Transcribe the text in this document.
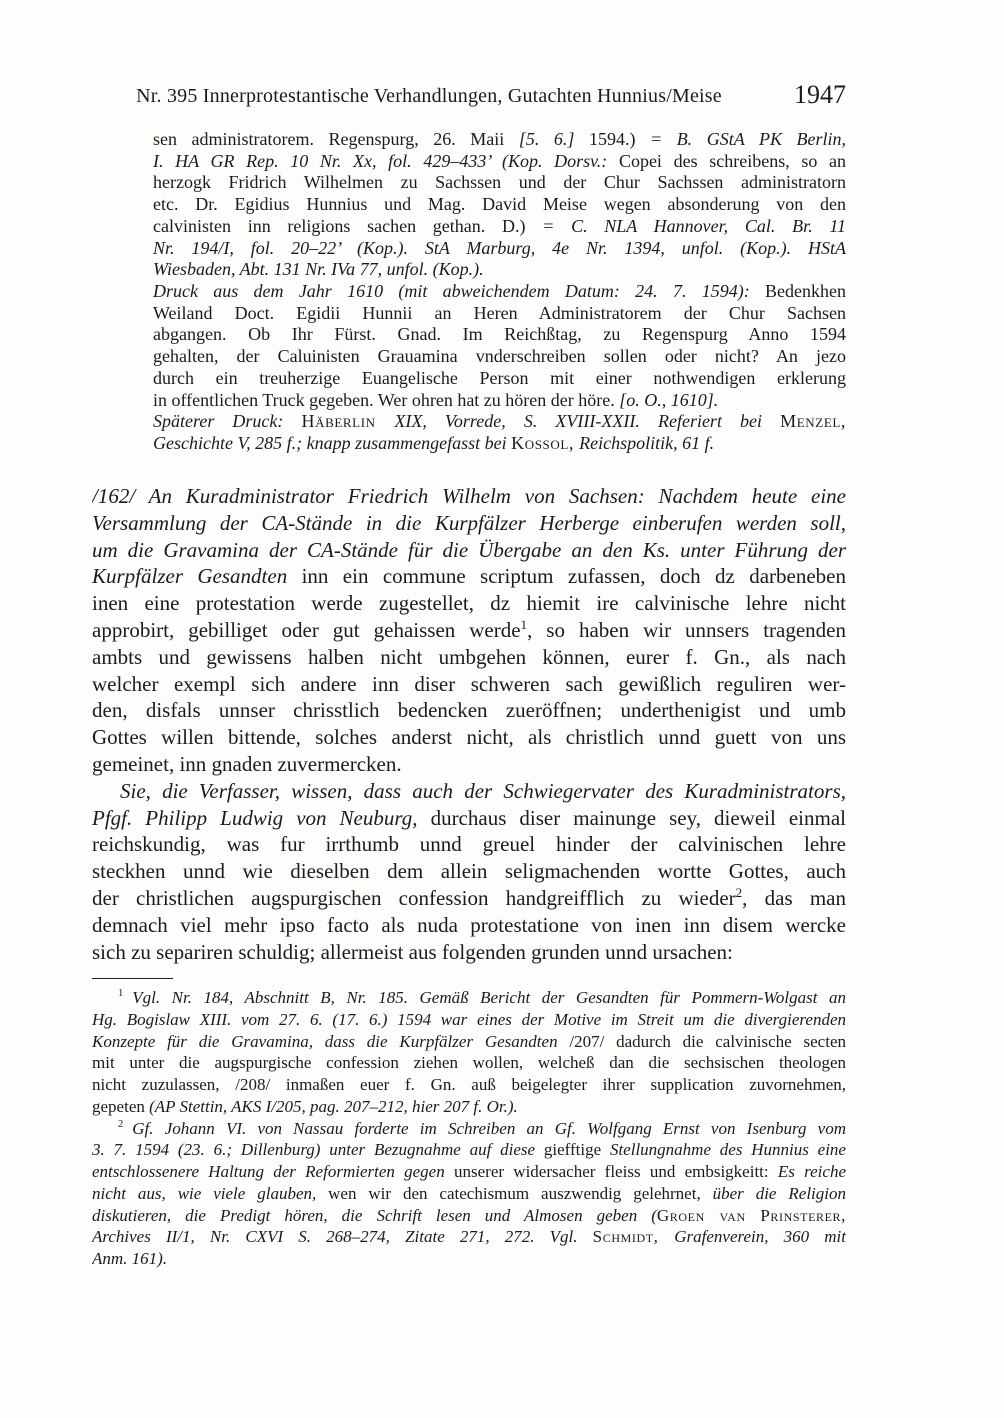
Nr. 395 Innerprotestantische Verhandlungen, Gutachten Hunnius/Meise	1947
sen administratorem. Regenspurg, 26. Maii [5. 6.] 1594.) = B. GStA PK Berlin,
I. HA GR Rep. 10 Nr. Xx, fol. 429–433’ (Kop. Dorsv.: Copei des schreibens, so an
herzogk Fridrich Wilhelmen zu Sachssen und der Chur Sachssen administratorn
etc. Dr. Egidius Hunnius und Mag. David Meise wegen absonderung von den
calvinisten inn religions sachen gethan. D.) = C. NLA Hannover, Cal. Br. 11
Nr. 194/I, fol. 20–22’ (Kop.). StA Marburg, 4e Nr. 1394, unfol. (Kop.). HStA
Wiesbaden, Abt. 131 Nr. IVa 77, unfol. (Kop.).
Druck aus dem Jahr 1610 (mit abweichendem Datum: 24. 7. 1594): Bedenkhen
Weiland Doct. Egidii Hunnii an Heren Administratorem der Chur Sachsen
abgangen. Ob Ihr Fürst. Gnad. Im Reichßtag, zu Regenspurg Anno 1594
gehalten, der Caluinisten Grauamina vnderschreiben sollen oder nicht? An jezo
durch ein treuherzige Euangelische Person mit einer nothwendigen erklerung
in offentlichen Truck gegeben. Wer ohren hat zu hören der höre. [o. O., 1610].
Späterer Druck: Häberlin XIX, Vorrede, S. XVIII-XXII. Referiert bei Menzel,
Geschichte V, 285 f.; knapp zusammengefasst bei Kossol, Reichspolitik, 61 f.
/162/ An Kuradministrator Friedrich Wilhelm von Sachsen: Nachdem heute eine
Versammlung der CA-Stände in die Kurpfälzer Herberge einberufen werden soll,
um die Gravamina der CA-Stände für die Übergabe an den Ks. unter Führung der
Kurpfälzer Gesandten inn ein commune scriptum zufassen, doch dz darbeneben
inen eine protestation werde zugestellet, dz hiemit ire calvinische lehre nicht
approbirt, gebilliget oder gut gehaissen werde$^1$, so haben wir unnsers tragenden
ambts und gewissens halben nicht umbgehen können, eurer f. Gn., als nach
welcher exempl sich andere inn diser schweren sach gewißlich reguliren wer-
den, disfals unnser chrisstlich bedencken zueröffnen; underthenigist und umb
Gottes willen bittende, solches anderst nicht, als christlich unnd guett von uns
gemeinet, inn gnaden zuvermercken.
Sie, die Verfasser, wissen, dass auch der Schwiegervater des Kuradministrators,
Pfgf. Philipp Ludwig von Neuburg, durchaus diser mainunge sey, dieweil einmal
reichskundig, was fur irrthumb unnd greuel hinder der calvinischen lehre
steckhen unnd wie dieselben dem allein seligmachenden wortte Gottes, auch
der christlichen augspurgischen confession handgreifflich zu wieder$^2$, das man
demnach viel mehr ipso facto als nuda protestatione von inen inn disem wercke
sich zu separiren schuldig; allermeist aus folgenden grunden unnd ursachen:
$^1$ Vgl. Nr. 184, Abschnitt B, Nr. 185. Gemäß Bericht der Gesandten für Pommern-Wolgast an
Hg. Bogislaw XIII. vom 27. 6. (17. 6.) 1594 war eines der Motive im Streit um die divergierenden
Konzepte für die Gravamina, dass die Kurpfälzer Gesandten /207/ dadurch die calvinische secten
mit unter die augspurgische confession ziehen wollen, welcheß dan die sechsischen theologen
nicht zuzulassen, /208/ inmaßen euer f. Gn. auß beigelegter ihrer supplication zuvornehmen,
gepeten (AP Stettin, AKS I/205, pag. 207–212, hier 207 f. Or.).
$^2$ Gf. Johann VI. von Nassau forderte im Schreiben an Gf. Wolfgang Ernst von Isenburg vom
3. 7. 1594 (23. 6.; Dillenburg) unter Bezugnahme auf diese giefftige Stellungnahme des Hunnius eine
entschlossenere Haltung der Reformierten gegen unserer widersacher fleiss und embsigkeitt: Es reiche
nicht aus, wie viele glauben, wen wir den catechismum auszwendig gelehrnet, über die Religion
diskutieren, die Predigt hören, die Schrift lesen und Almosen geben (Groen van Prinsterer,
Archives II/1, Nr. CXVI S. 268–274, Zitate 271, 272. Vgl. Schmidt, Grafenverein, 360 mit
Anm. 161).
